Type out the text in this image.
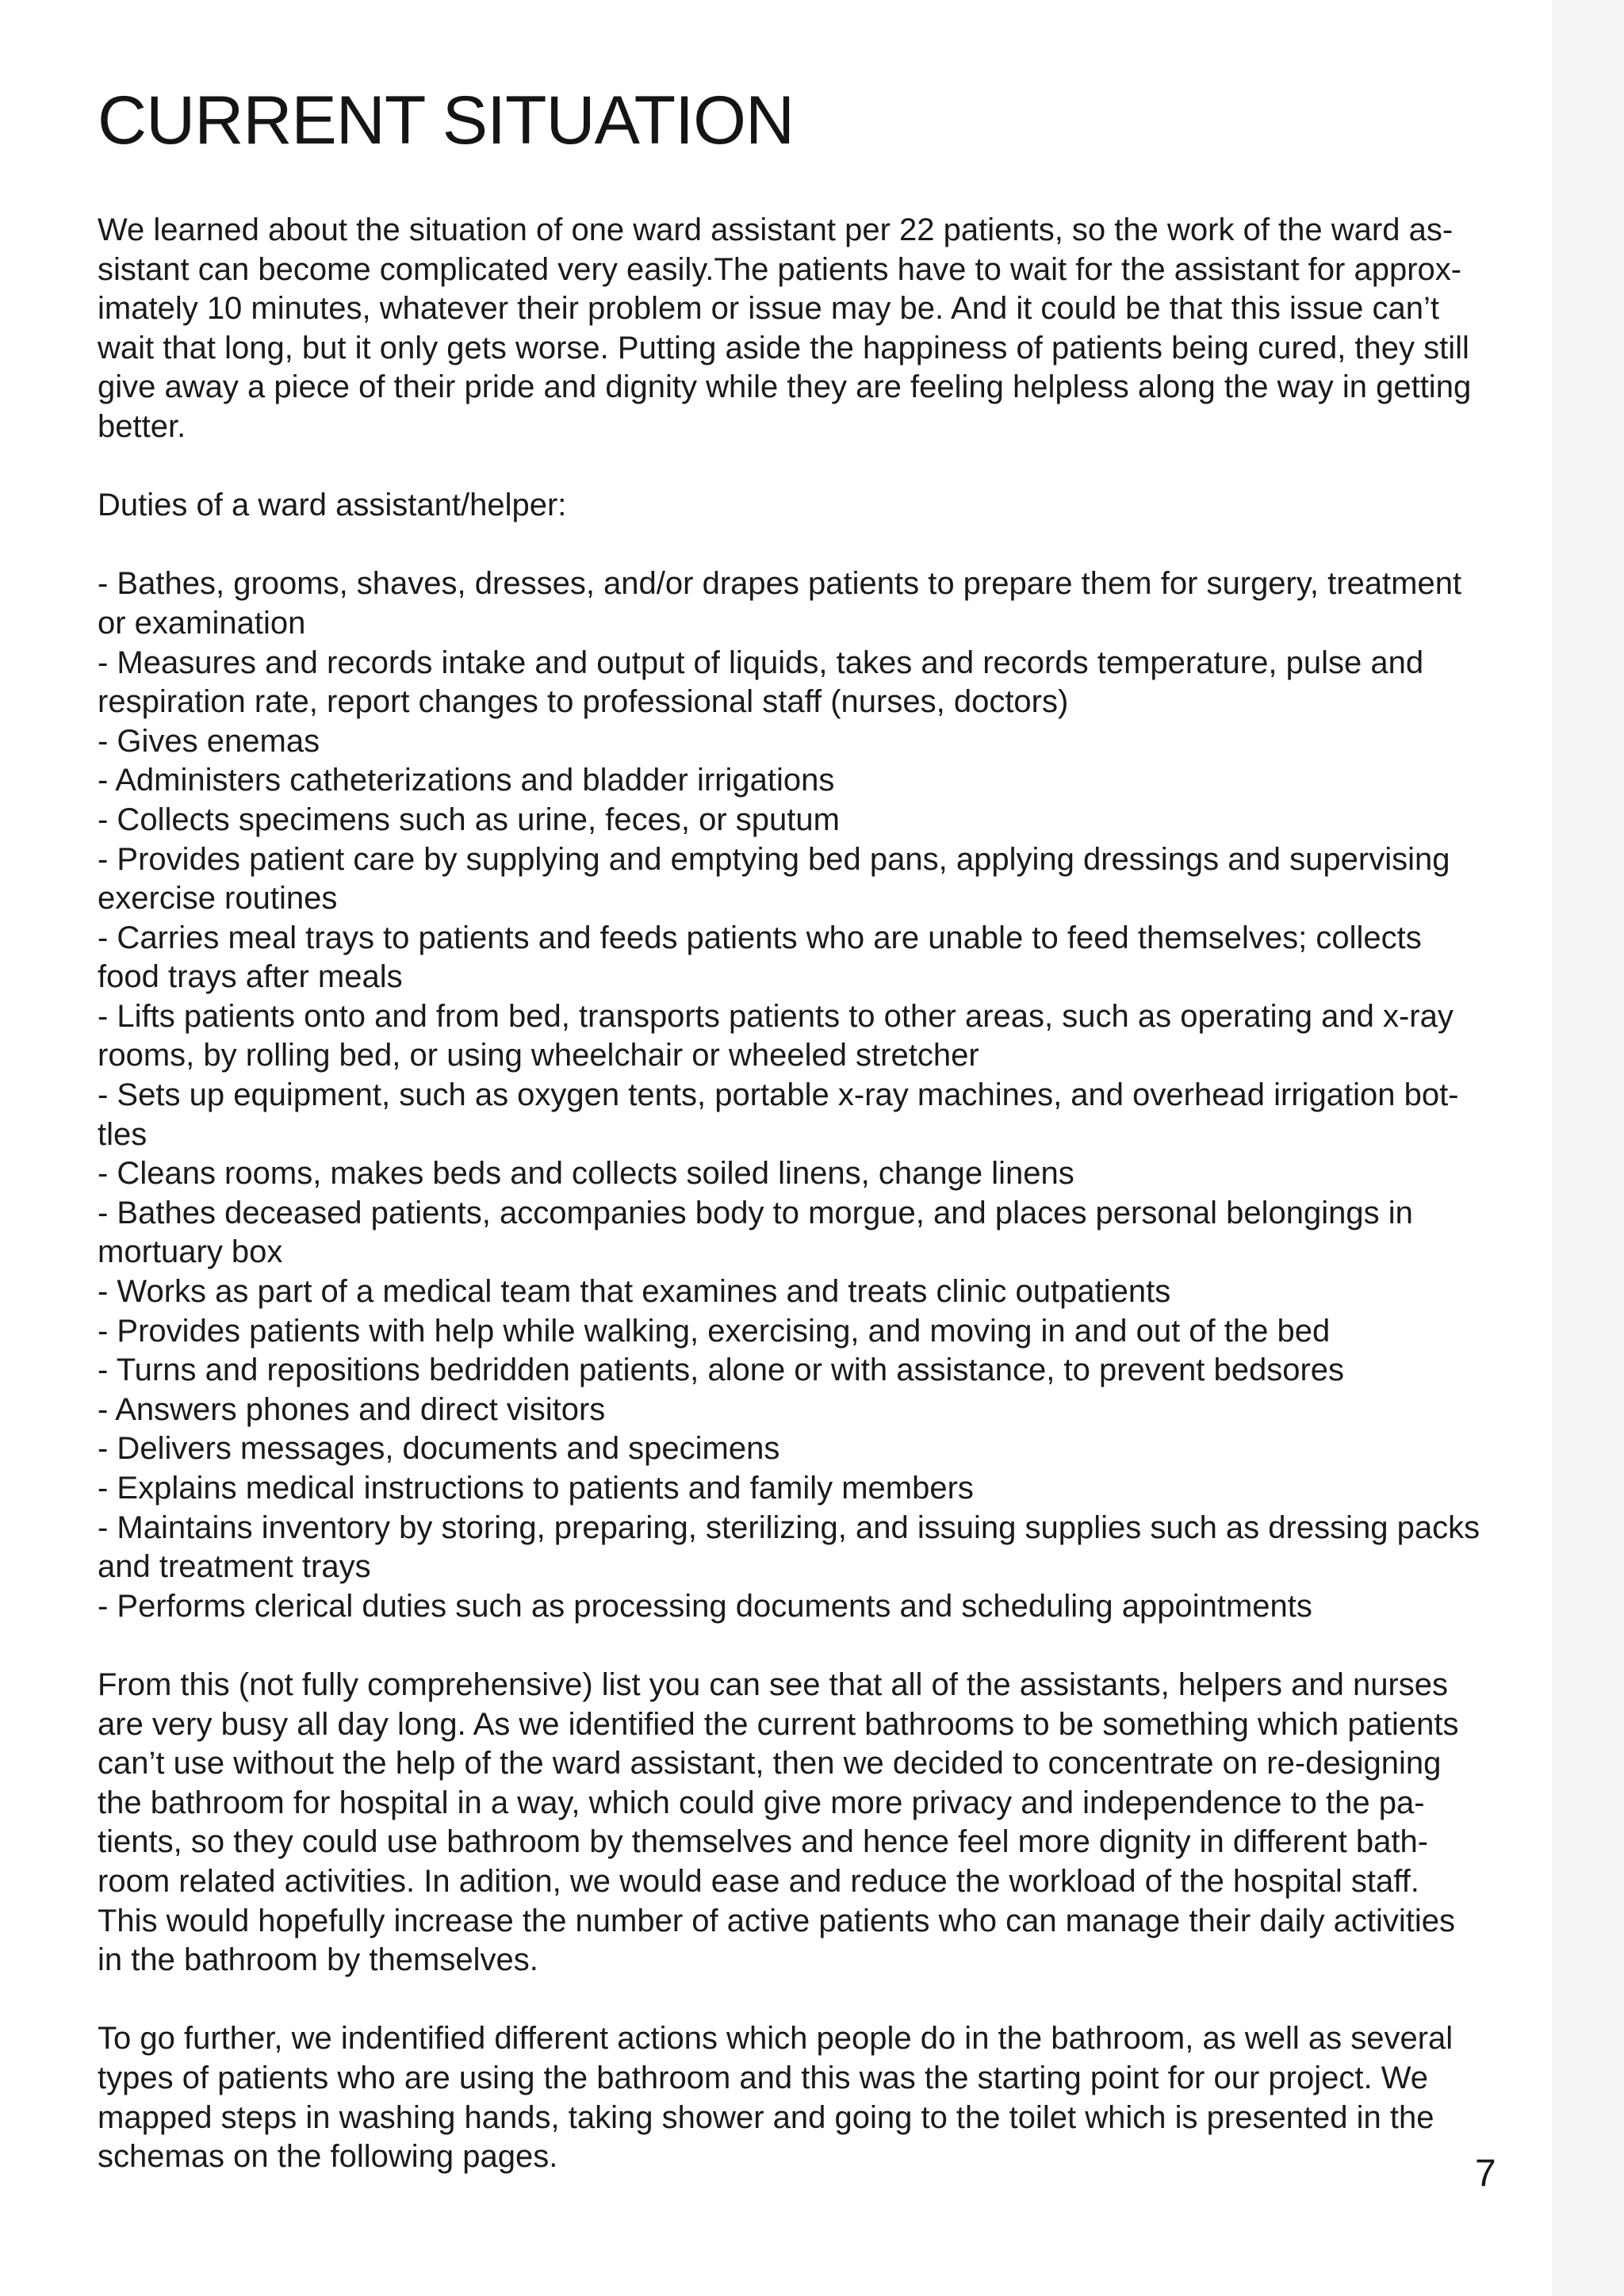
CURRENT SITUATION
We learned about the situation of one ward assistant per 22 patients, so the work of the ward as-
sistant can become complicated very easily.The patients have to wait for the assistant for approx-
imately 10 minutes, whatever their problem or issue may be. And it could be that this issue can’t
wait that long, but it only gets worse. Putting aside the happiness of patients being cured, they still
give away a piece of their pride and dignity while they are feeling helpless along the way in getting
better.
Duties of a ward assistant/helper:
- Bathes, grooms, shaves, dresses, and/or drapes patients to prepare them for surgery, treatment
or examination
- Measures and records intake and output of liquids, takes and records temperature, pulse and
respiration rate, report changes to professional staff (nurses, doctors)
- Gives enemas
- Administers catheterizations and bladder irrigations
- Collects specimens such as urine, feces, or sputum
- Provides patient care by supplying and emptying bed pans, applying dressings and supervising
exercise routines
- Carries meal trays to patients and feeds patients who are unable to feed themselves; collects
food trays after meals
- Lifts patients onto and from bed, transports patients to other areas, such as operating and x-ray
rooms, by rolling bed, or using wheelchair or wheeled stretcher
- Sets up equipment, such as oxygen tents, portable x-ray machines, and overhead irrigation bot-
tles
- Cleans rooms, makes beds and collects soiled linens, change linens
- Bathes deceased patients, accompanies body to morgue, and places personal belongings in
mortuary box
- Works as part of a medical team that examines and treats clinic outpatients
- Provides patients with help while walking, exercising, and moving in and out of the bed
- Turns and repositions bedridden patients, alone or with assistance, to prevent bedsores
- Answers phones and direct visitors
- Delivers messages, documents and specimens
- Explains medical instructions to patients and family members
- Maintains inventory by storing, preparing, sterilizing, and issuing supplies such as dressing packs
and treatment trays
- Performs clerical duties such as processing documents and scheduling appointments
From this (not fully comprehensive) list you can see that all of the assistants, helpers and nurses
are very busy all day long. As we identified the current bathrooms to be something which patients
can’t use without the help of the ward assistant, then we decided to concentrate on re-designing
the bathroom for hospital in a way, which could give more privacy and independence to the pa-
tients, so they could use bathroom by themselves and hence feel more dignity in different bath-
room related activities. In adition, we would ease and reduce the workload of the hospital staff.
This would hopefully increase the number of active patients who can manage their daily activities
in the bathroom by themselves.
To go further, we indentified different actions which people do in the bathroom, as well as several
types of patients who are using the bathroom and this was the starting point for our project. We
mapped steps in washing hands, taking shower and going to the toilet which is presented in the
schemas on the following pages.	7
